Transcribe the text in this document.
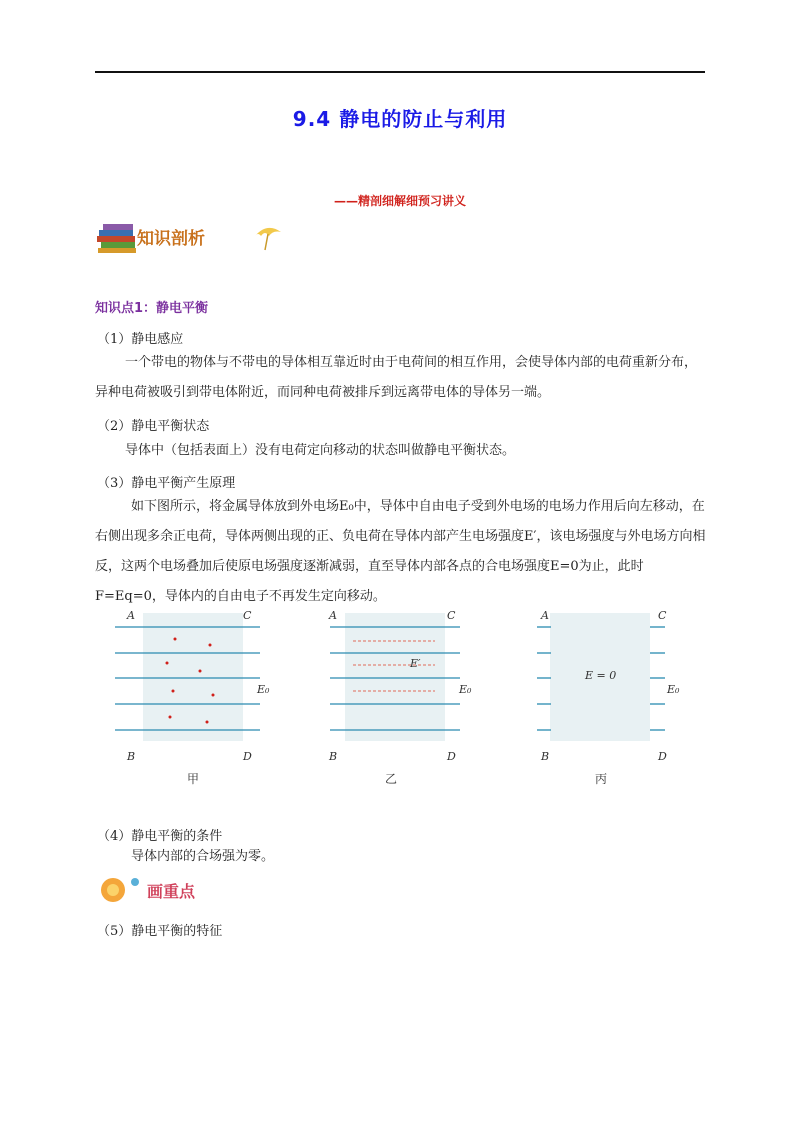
9.4 静电的防止与利用
——精剖细解细预习讲义
知识剖析
知识点1：静电平衡
（1）静电感应
一个带电的物体与不带电的导体相互靠近时由于电荷间的相互作用，会使导体内部的电荷重新分布，异种电荷被吸引到带电体附近，而同种电荷被排斥到远离带电体的导体另一端。
（2）静电平衡状态
导体中（包括表面上）没有电荷定向移动的状态叫做静电平衡状态。
（3）静电平衡产生原理
如下图所示，将金属导体放到外电场E₀中，导体中自由电子受到外电场的电场力作用后向左移动，在右侧出现多余正电荷，导体两侧出现的正、负电荷在导体内部产生电场强度E′，该电场强度与外电场方向相反，这两个电场叠加后使原电场强度逐渐减弱，直至导体内部各点的合电场强度E=0为止，此时F=Eq=0，导体内的自由电子不再发生定向移动。
A	C
B	D
E₀
甲
A	C
B	D
E′
E₀
乙
A	C
B	D
E = 0
E₀
丙
（4）静电平衡的条件
导体内部的合场强为零。
画重点
（5）静电平衡的特征
